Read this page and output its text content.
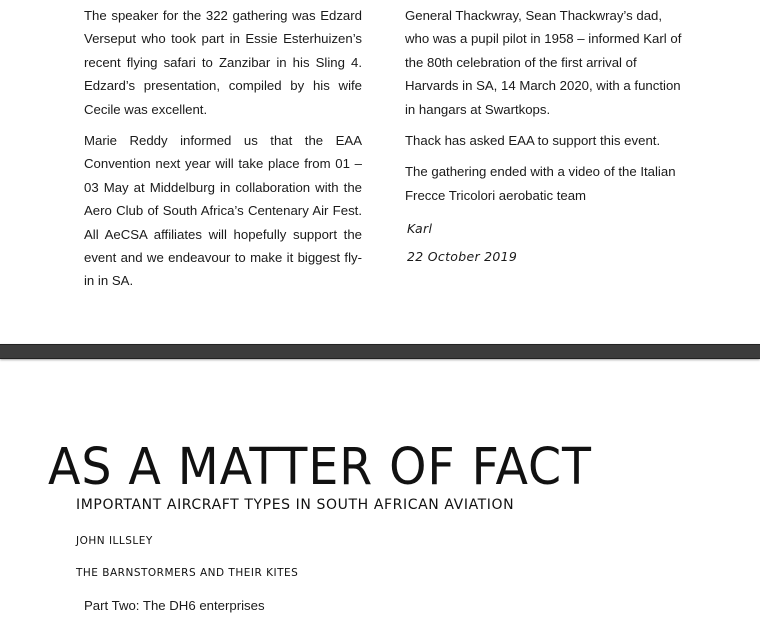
The speaker for the 322 gathering was Edzard Verseput who took part in Essie Esterhuizen’s recent flying safari to Zanzibar in his Sling 4. Edzard’s presentation, compiled by his wife Cecile was excellent.

Marie Reddy informed us that the EAA Convention next year will take place from 01 – 03 May at Middelburg in collaboration with the Aero Club of South Africa’s Centenary Air Fest. All AeCSA affiliates will hopefully support the event and we endeavour to make it biggest fly-in in SA.

General Thackwray, Sean Thackwray’s dad, who was a pupil pilot in 1958 – informed Karl of the 80th celebration of the first arrival of Harvards in SA, 14 March 2020, with a function in hangars at Swartkops.

Thack has asked EAA to support this event.

The gathering ended with a video of the Italian Frecce Tricolori aerobatic team

Karl
22 October 2019
AS A MATTER OF FACT
IMPORTANT AIRCRAFT TYPES IN SOUTH AFRICAN AVIATION
JOHN ILLSLEY
THE BARNSTORMERS AND THEIR KITES
Part Two: The DH6 enterprises
